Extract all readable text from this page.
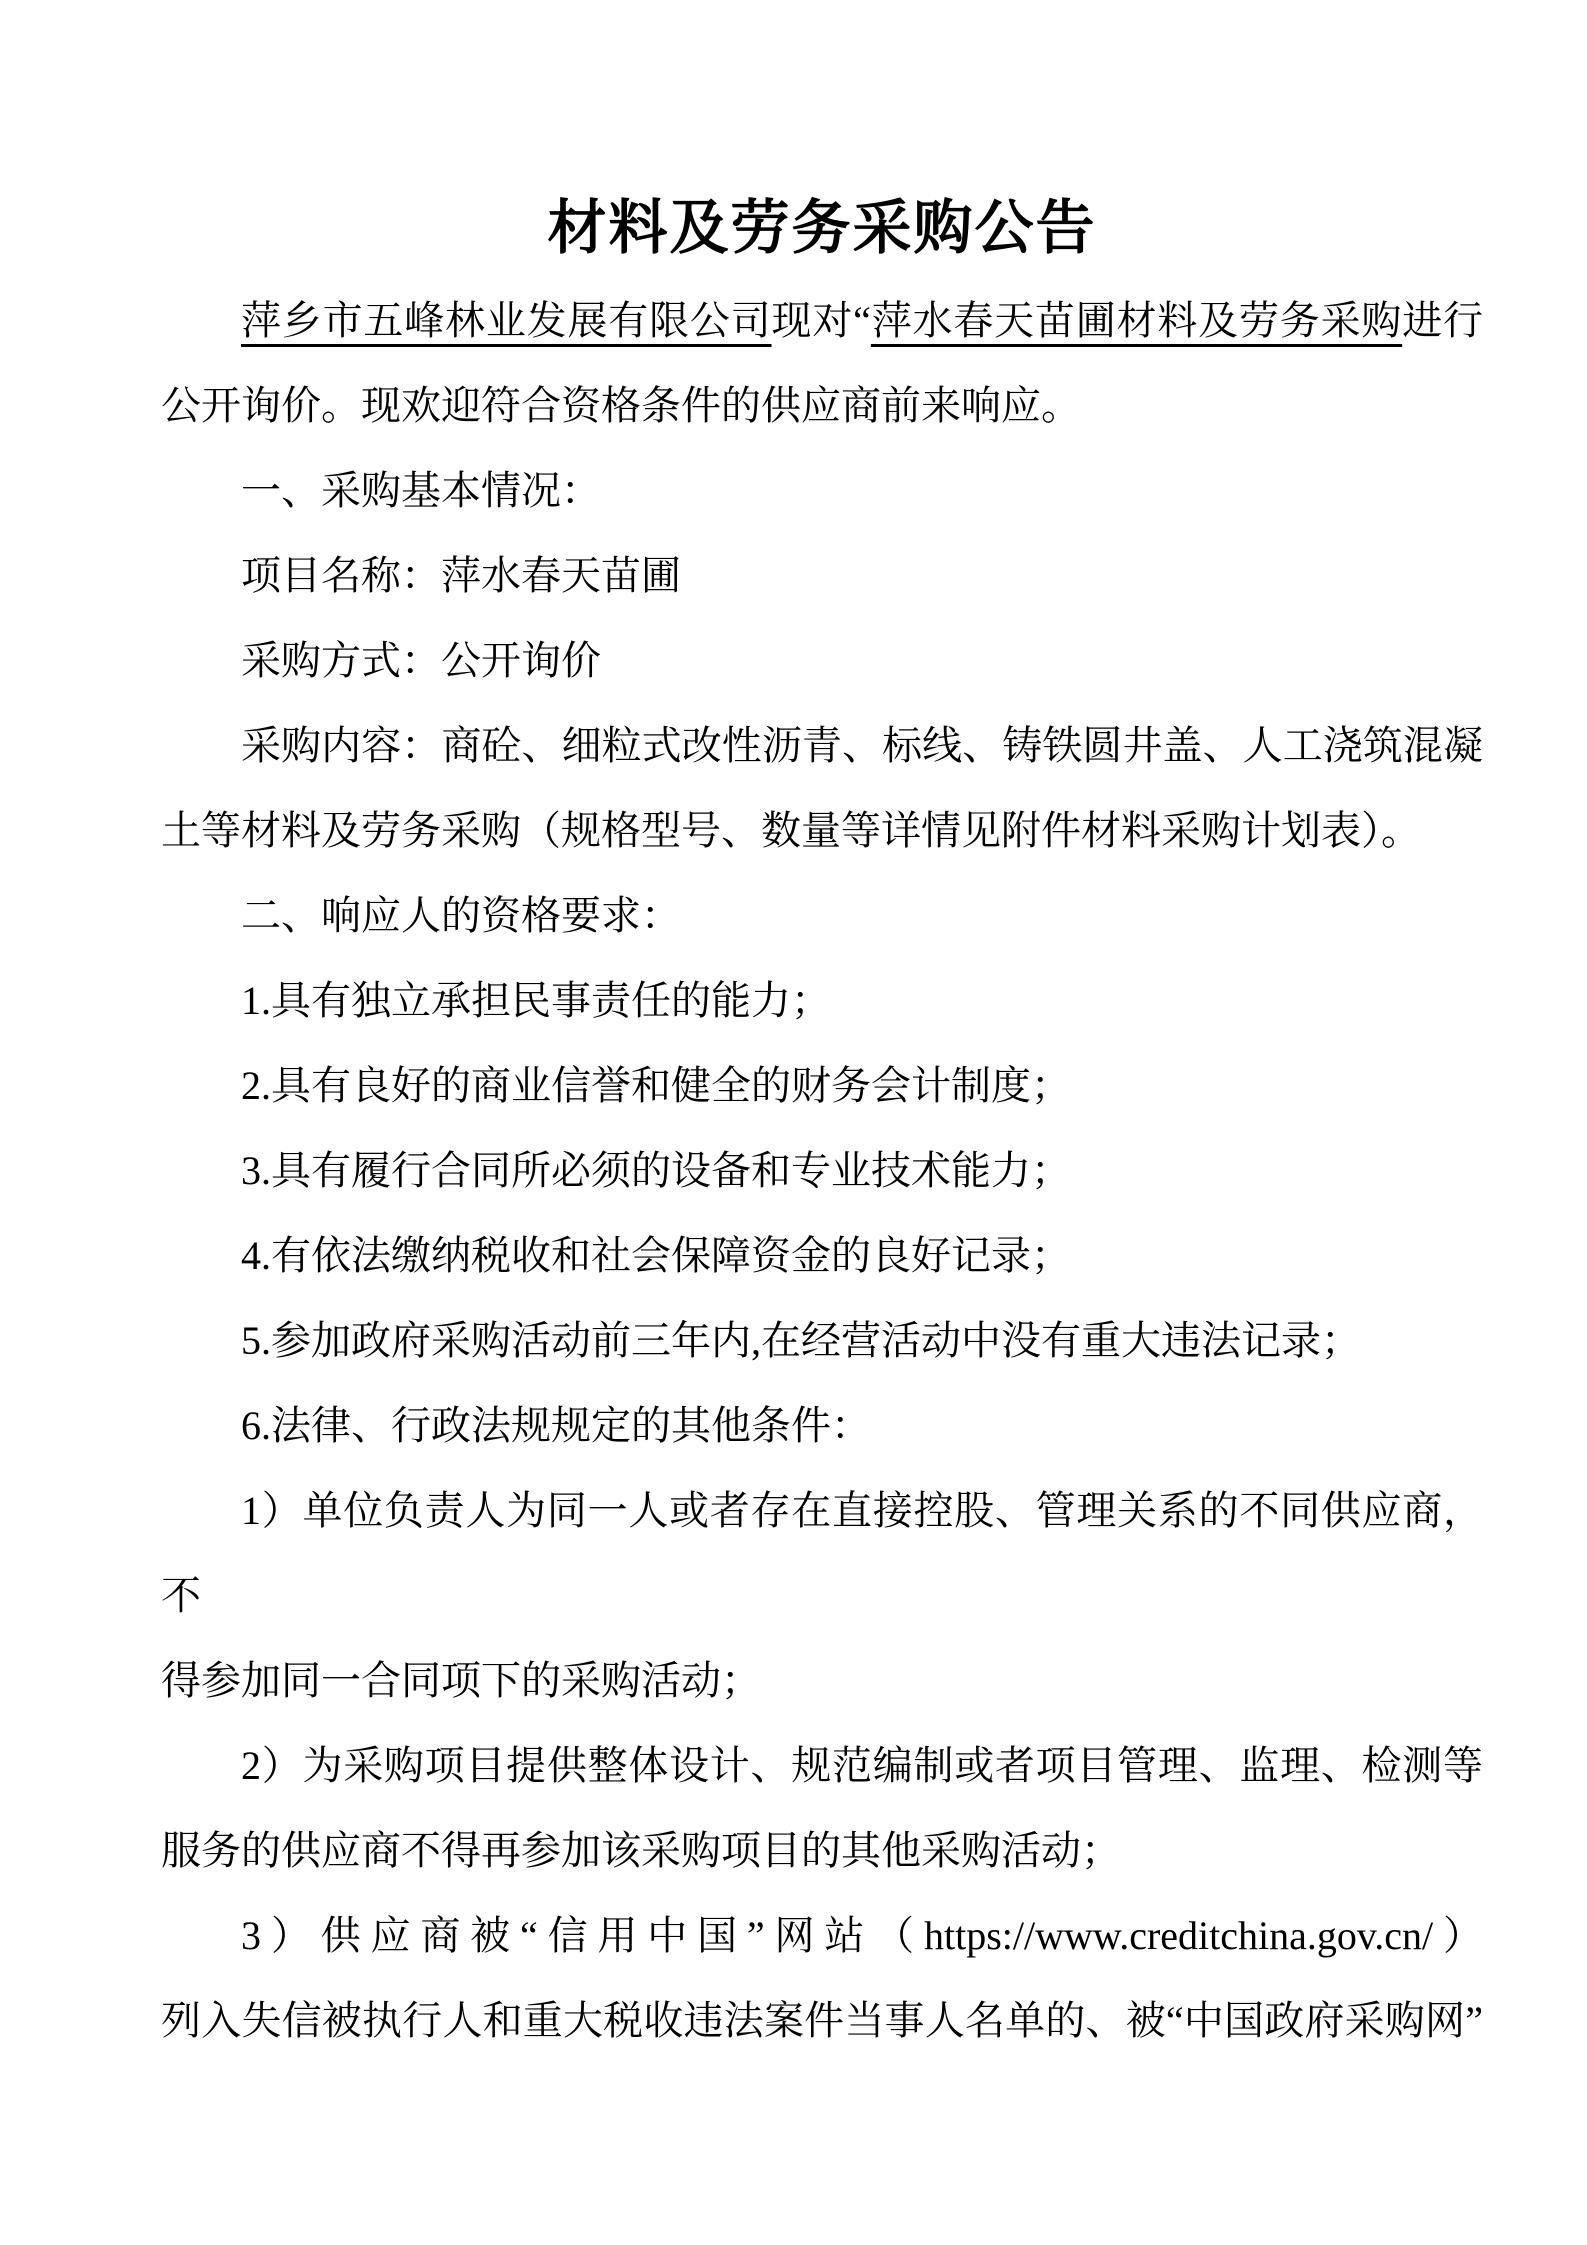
材料及劳务采购公告
萍乡市五峰林业发展有限公司现对“萍水春天苗圃材料及劳务采购进行
公开询价。现欢迎符合资格条件的供应商前来响应。
一、采购基本情况：
项目名称：萍水春天苗圃
采购方式：公开询价
采购内容：商砼、细粒式改性沥青、标线、铸铁圆井盖、人工浇筑混凝
土等材料及劳务采购（规格型号、数量等详情见附件材料采购计划表）。
二、响应人的资格要求：
1.具有独立承担民事责任的能力；
2.具有良好的商业信誉和健全的财务会计制度；
3.具有履行合同所必须的设备和专业技术能力；
4.有依法缴纳税收和社会保障资金的良好记录；
5.参加政府采购活动前三年内,在经营活动中没有重大违法记录；
6.法律、行政法规规定的其他条件：
1）单位负责人为同一人或者存在直接控股、管理关系的不同供应商，不
得参加同一合同项下的采购活动；
2）为采购项目提供整体设计、规范编制或者项目管理、监理、检测等
服务的供应商不得再参加该采购项目的其他采购活动；
3）供应商被“信用中国”网站（https://www.creditchina.gov.cn/）
列入失信被执行人和重大税收违法案件当事人名单的、被“中国政府采购网”
